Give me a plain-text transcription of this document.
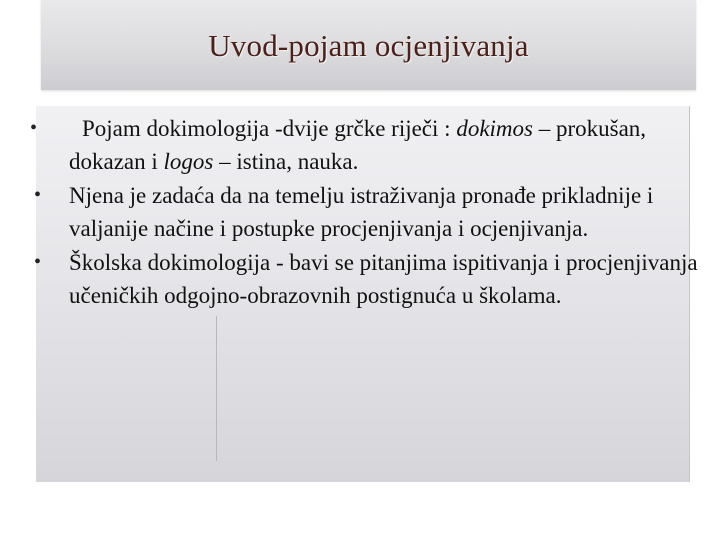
Uvod-pojam ocjenjivanja
• Pojam dokimologija -dvije grčke riječi : dokimos – prokušan, dokazan i logos – istina, nauka.
• Njena je zadaća da na temelju istraživanja pronađe prikladnije i valjanije načine i postupke procjenjivanja i ocjenjivanja.
• Školska dokimologija - bavi se pitanjima ispitivanja i procjenjivanja učeničkih odgojno-obrazovnih postignuća u školama.
